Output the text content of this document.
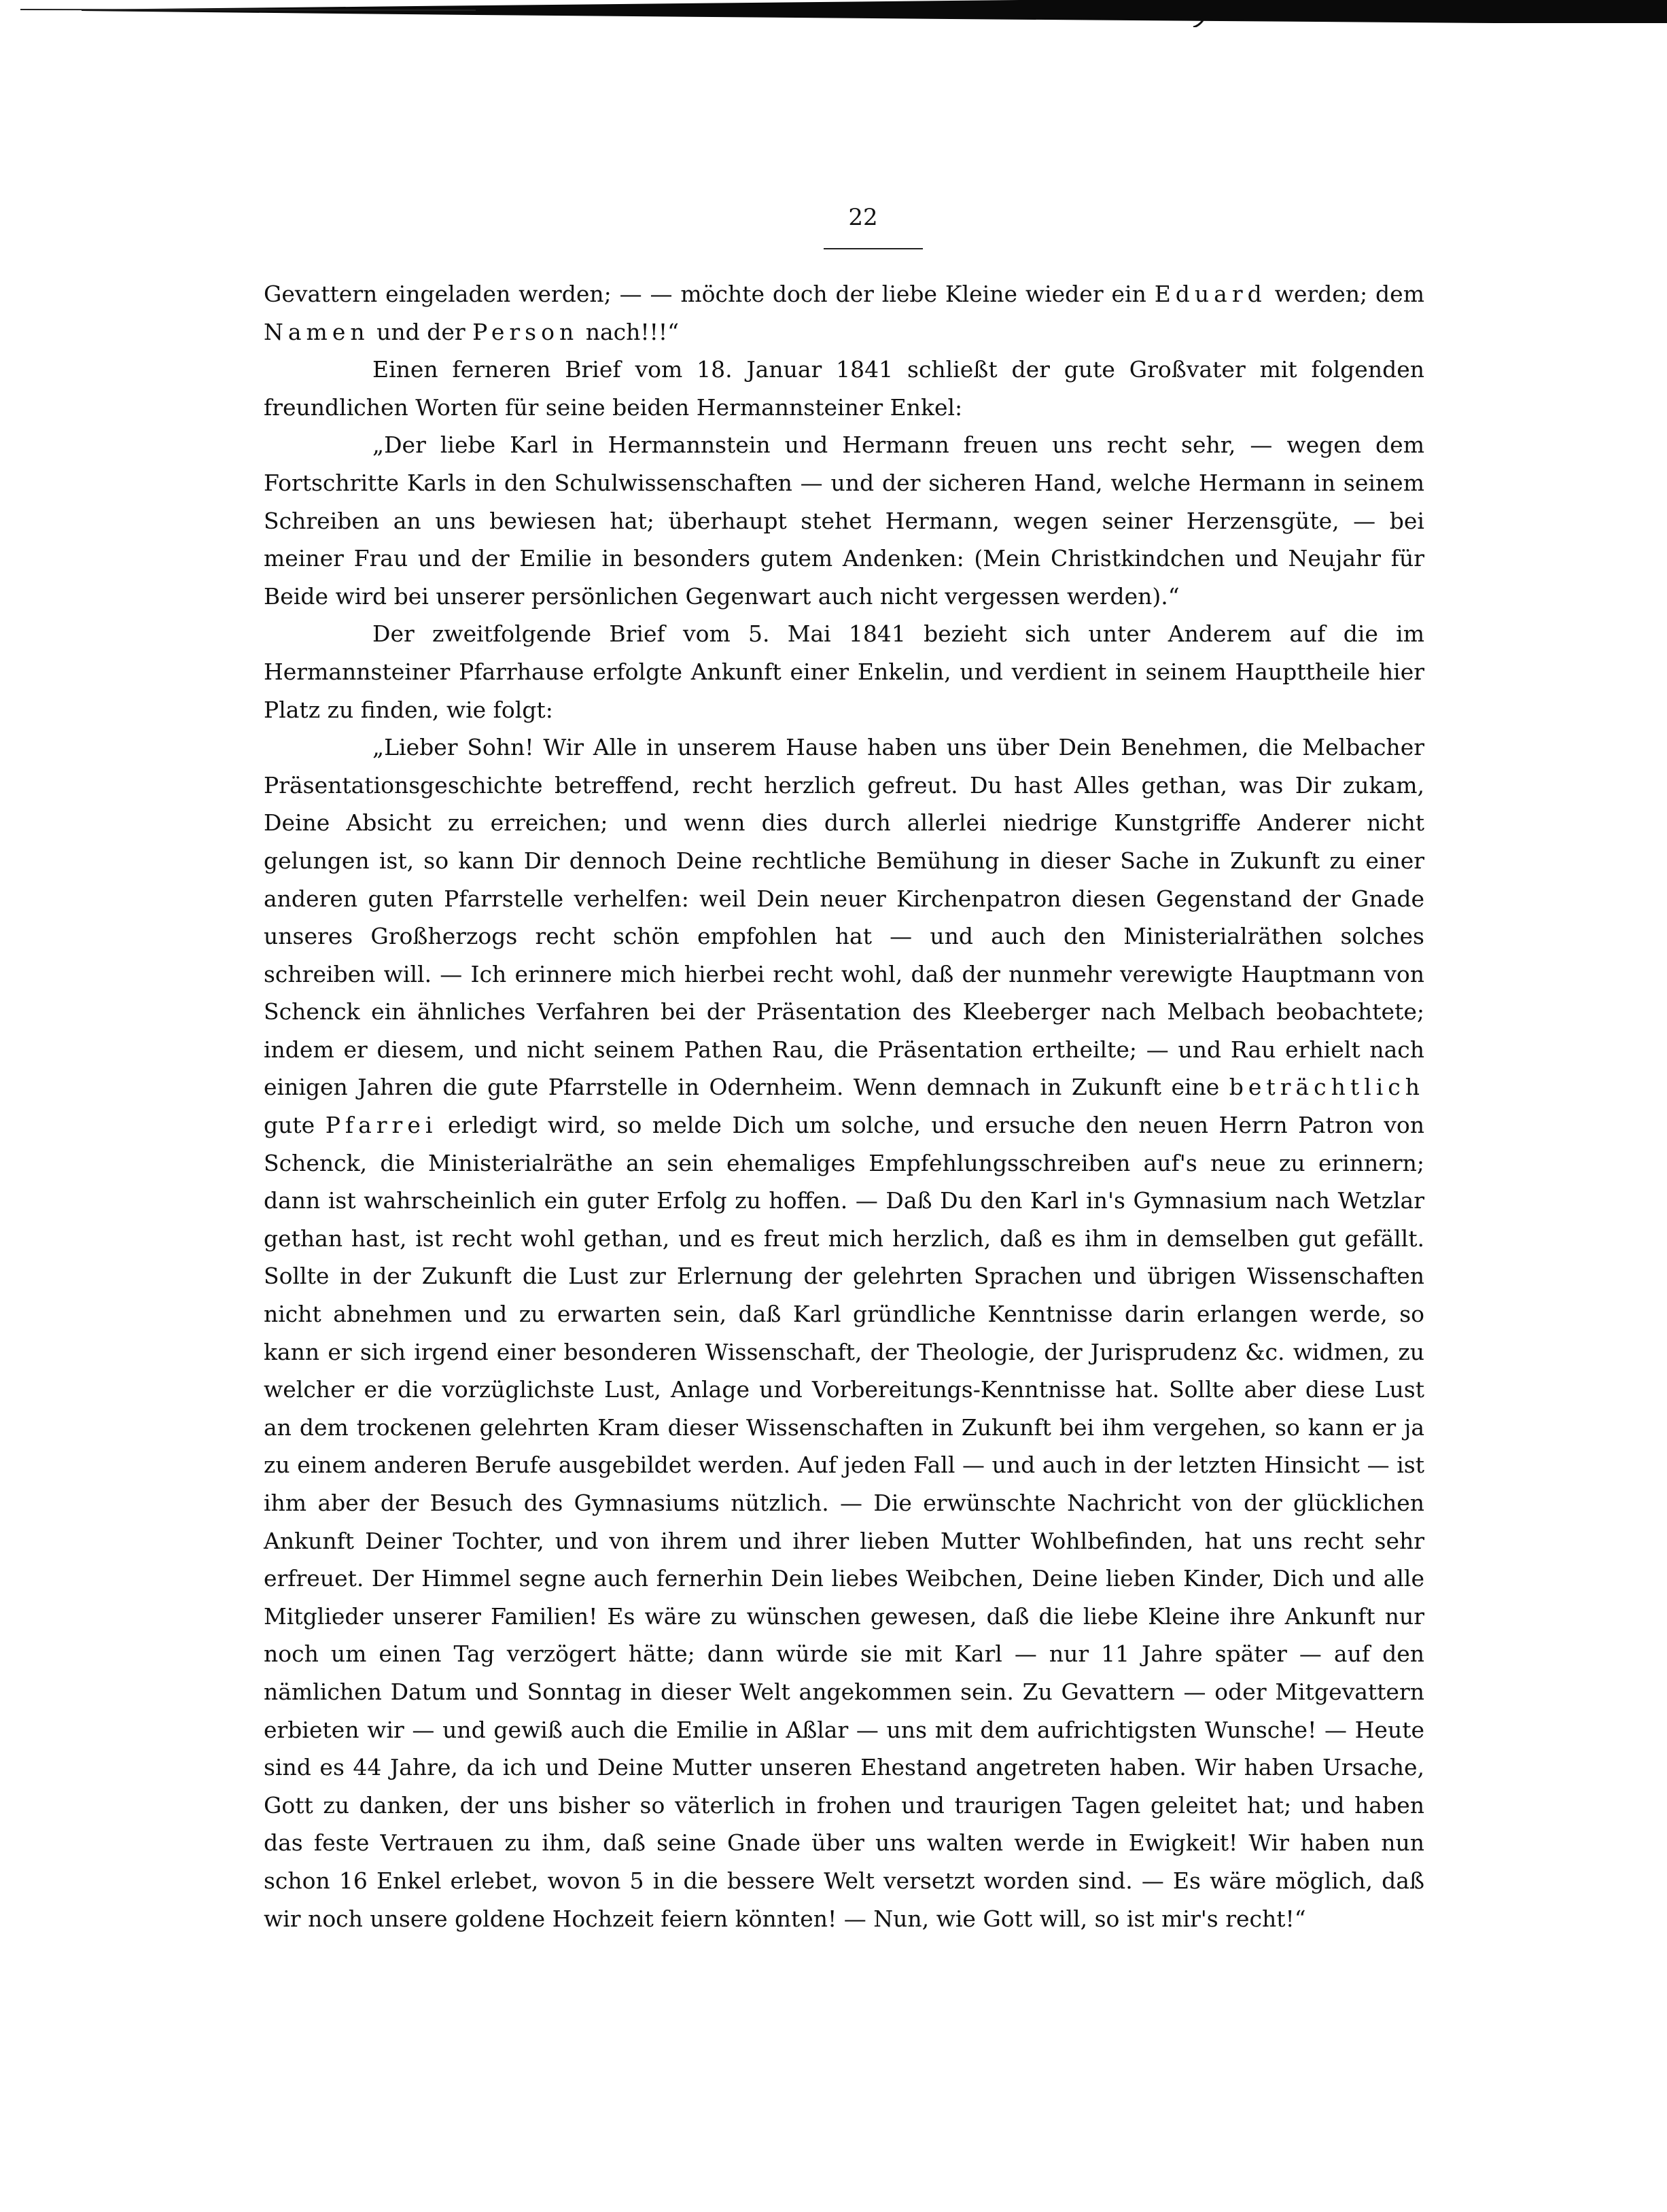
22

Gevattern eingeladen werden; — — möchte doch der liebe Kleine wieder ein Eduard werden; dem Namen und der Person nach!!!“

Einen ferneren Brief vom 18. Januar 1841 schließt der gute Großvater mit folgenden freundlichen Worten für seine beiden Hermannsteiner Enkel:

„Der liebe Karl in Hermannstein und Hermann freuen uns recht sehr, — wegen dem Fortschritte Karls in den Schulwissenschaften — und der sicheren Hand, welche Hermann in seinem Schreiben an uns bewiesen hat; überhaupt stehet Hermann, wegen seiner Herzensgüte, — bei meiner Frau und der Emilie in besonders gutem Andenken: (Mein Christkindchen und Neujahr für Beide wird bei unserer persönlichen Gegenwart auch nicht vergessen werden).“

Der zweitfolgende Brief vom 5. Mai 1841 bezieht sich unter Anderem auf die im Hermannsteiner Pfarrhause erfolgte Ankunft einer Enkelin, und verdient in seinem Haupttheile hier Platz zu finden, wie folgt:

„Lieber Sohn! Wir Alle in unserem Hause haben uns über Dein Benehmen, die Melbacher Präsentationsgeschichte betreffend, recht herzlich gefreut. Du hast Alles gethan, was Dir zukam, Deine Absicht zu erreichen; und wenn dies durch allerlei niedrige Kunstgriffe Anderer nicht gelungen ist, so kann Dir dennoch Deine rechtliche Bemühung in dieser Sache in Zukunft zu einer anderen guten Pfarrstelle verhelfen: weil Dein neuer Kirchenpatron diesen Gegenstand der Gnade unseres Großherzogs recht schön empfohlen hat — und auch den Ministerialräthen solches schreiben will. — Ich erinnere mich hierbei recht wohl, daß der nunmehr verewigte Hauptmann von Schenck ein ähnliches Verfahren bei der Präsentation des Kleeberger nach Melbach beobachtete; indem er diesem, und nicht seinem Pathen Rau, die Präsentation ertheilte; — und Rau erhielt nach einigen Jahren die gute Pfarrstelle in Odernheim. Wenn demnach in Zukunft eine beträchtlich gute Pfarrei erledigt wird, so melde Dich um solche, und ersuche den neuen Herrn Patron von Schenck, die Ministerialräthe an sein ehemaliges Empfehlungsschreiben auf's neue zu erinnern; dann ist wahrscheinlich ein guter Erfolg zu hoffen. — Daß Du den Karl in's Gymnasium nach Wetzlar gethan hast, ist recht wohl gethan, und es freut mich herzlich, daß es ihm in demselben gut gefällt. Sollte in der Zukunft die Lust zur Erlernung der gelehrten Sprachen und übrigen Wissenschaften nicht abnehmen und zu erwarten sein, daß Karl gründliche Kenntnisse darin erlangen werde, so kann er sich irgend einer besonderen Wissenschaft, der Theologie, der Jurisprudenz &c. widmen, zu welcher er die vorzüglichste Lust, Anlage und Vorbereitungs-Kenntnisse hat. Sollte aber diese Lust an dem trockenen gelehrten Kram dieser Wissenschaften in Zukunft bei ihm vergehen, so kann er ja zu einem anderen Berufe ausgebildet werden. Auf jeden Fall — und auch in der letzten Hinsicht — ist ihm aber der Besuch des Gymnasiums nützlich. — Die erwünschte Nachricht von der glücklichen Ankunft Deiner Tochter, und von ihrem und ihrer lieben Mutter Wohlbefinden, hat uns recht sehr erfreuet. Der Himmel segne auch fernerhin Dein liebes Weibchen, Deine lieben Kinder, Dich und alle Mitglieder unserer Familien! Es wäre zu wünschen gewesen, daß die liebe Kleine ihre Ankunft nur noch um einen Tag verzögert hätte; dann würde sie mit Karl — nur 11 Jahre später — auf den nämlichen Datum und Sonntag in dieser Welt angekommen sein. Zu Gevattern — oder Mitgevattern erbieten wir — und gewiß auch die Emilie in Aßlar — uns mit dem aufrichtigsten Wunsche! — Heute sind es 44 Jahre, da ich und Deine Mutter unseren Ehestand angetreten haben. Wir haben Ursache, Gott zu danken, der uns bisher so väterlich in frohen und traurigen Tagen geleitet hat; und haben das feste Vertrauen zu ihm, daß seine Gnade über uns walten werde in Ewigkeit! Wir haben nun schon 16 Enkel erlebet, wovon 5 in die bessere Welt versetzt worden sind. — Es wäre möglich, daß wir noch unsere goldene Hochzeit feiern könnten! — Nun, wie Gott will, so ist mir's recht!“
